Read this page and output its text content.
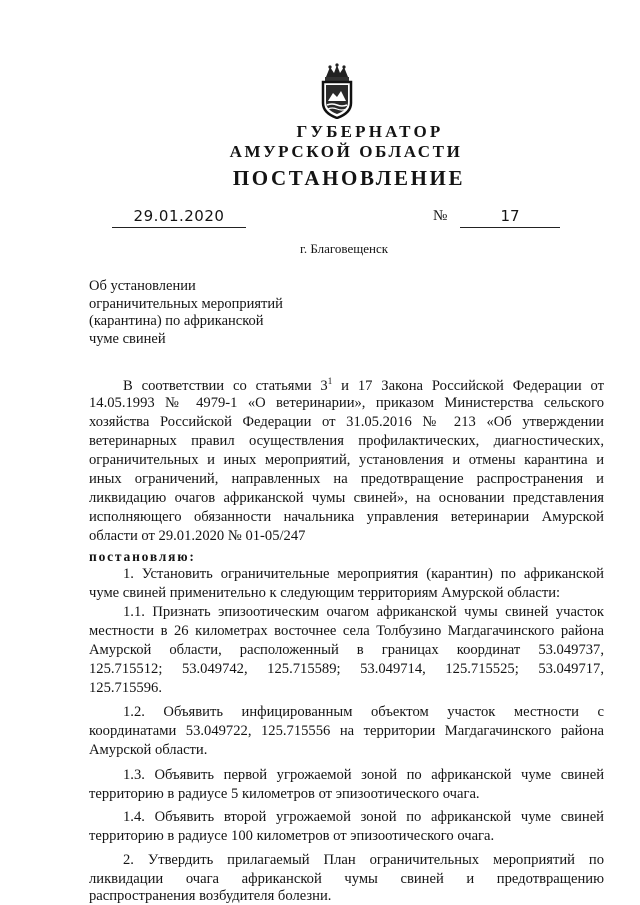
ГУБЕРНАТОР
АМУРСКОЙ ОБЛАСТИ
ПОСТАНОВЛЕНИЕ
29.01.2020	№	17
г. Благовещенск
Об установлении
ограничительных мероприятий
(карантина) по африканской
чуме свиней
В соответствии со статьями $3^1$ и 17 Закона Российской Федерации от
14.05.1993 № 4979-1 «О ветеринарии», приказом Министерства сельского
хозяйства Российской Федерации от 31.05.2016 № 213 «Об утверждении
ветеринарных правил осуществления профилактических, диагностических,
ограничительных и иных мероприятий, установления и отмены карантина и
иных ограничений, направленных на предотвращение распространения и
ликвидацию очагов африканской чумы свиней», на основании представления
исполняющего обязанности начальника управления ветеринарии Амурской
области от 29.01.2020 № 01-05/247
постановляю:
1. Установить ограничительные мероприятия (карантин) по африканской
чуме свиней применительно к следующим территориям Амурской области:
1.1. Признать эпизоотическим очагом африканской чумы свиней участок
местности в 26 километрах восточнее села Толбузино Магдагачинского района
Амурской области, расположенный в границах координат 53.049737,
125.715512; 53.049742, 125.715589; 53.049714, 125.715525; 53.049717,
125.715596.
1.2. Объявить инфицированным объектом участок местности с
координатами 53.049722, 125.715556 на территории Магдагачинского района
Амурской области.
1.3. Объявить первой угрожаемой зоной по африканской чуме свиней
территорию в радиусе 5 километров от эпизоотического очага.
1.4. Объявить второй угрожаемой зоной по африканской чуме свиней
территорию в радиусе 100 километров от эпизоотического очага.
2. Утвердить прилагаемый План ограничительных мероприятий по
ликвидации очага африканской чумы свиней и предотвращению
распространения возбудителя болезни.
